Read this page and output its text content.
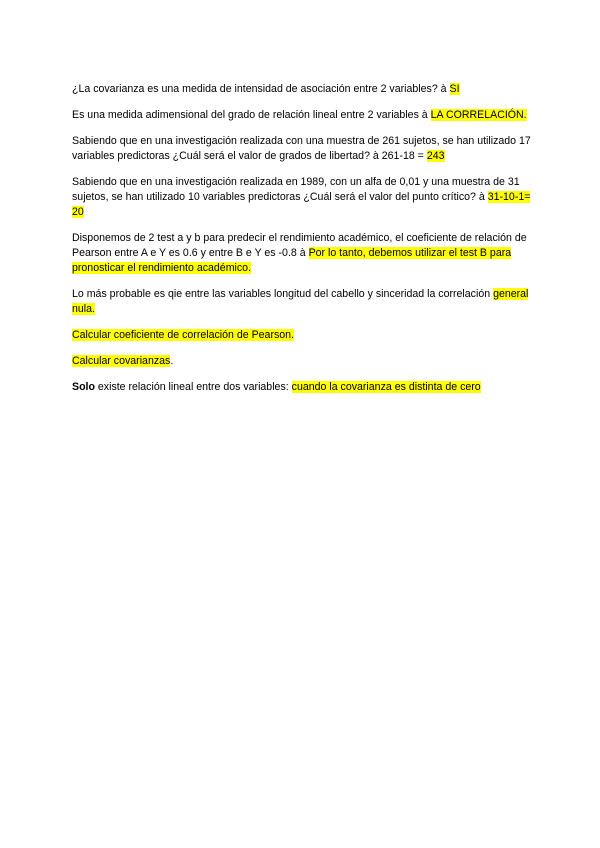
¿La covarianza es una medida de intensidad de asociación entre 2 variables? à SI

Es una medida adimensional del grado de relación lineal entre 2 variables à LA CORRELACIÓN.

Sabiendo que en una investigación realizada con una muestra de 261 sujetos, se han utilizado 17 variables predictoras ¿Cuál será el valor de grados de libertad? à 261-18 = 243

Sabiendo que en una investigación realizada en 1989, con un alfa de 0,01 y una muestra de 31 sujetos, se han utilizado 10 variables predictoras ¿Cuál será el valor del punto crítico? à 31-10-1= 20

Disponemos de 2 test a y b para predecir el rendimiento académico, el coeficiente de relación de Pearson entre A e Y es 0.6 y entre B e Y es -0.8 à Por lo tanto, debemos utilizar el test B para pronosticar el rendimiento académico.

Lo más probable es qie entre las variables longitud del cabello y sinceridad la correlación general nula.

Calcular coeficiente de correlación de Pearson.

Calcular covarianzas.

Solo existe relación lineal entre dos variables: cuando la covarianza es distinta de cero
